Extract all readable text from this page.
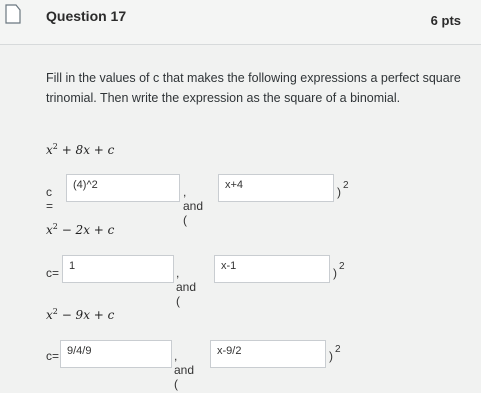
Question 17	6 pts

Fill in the values of c that makes the following expressions a perfect square trinomial. Then write the expression as the square of a binomial.

$x^2 + 8x + c$
c =
(4)^2	, and (
x+4	) 2
$x^2 - 2x + c$
c= 1	, and (
x-1	) 2
$x^2 - 9x + c$
c= 9/4/9	, and (
x-9/2	) 2
